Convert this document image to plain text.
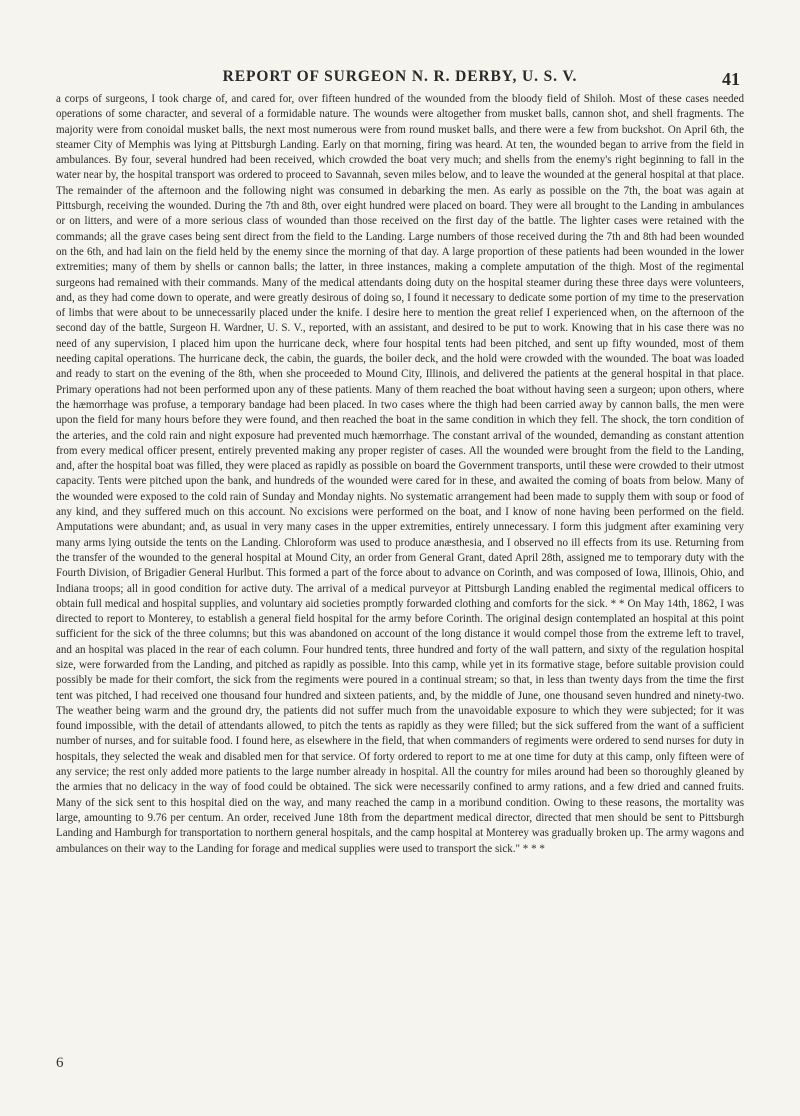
REPORT OF SURGEON N. R. DERBY, U. S. V.	41

a corps of surgeons, I took charge of, and cared for, over fifteen hundred of the wounded from the bloody field of Shiloh. Most of these cases needed operations of some character, and several of a formidable nature. The wounds were altogether from musket balls, cannon shot, and shell fragments. The majority were from conoidal musket balls, the next most numerous were from round musket balls, and there were a few from buckshot. On April 6th, the steamer City of Memphis was lying at Pittsburgh Landing. Early on that morning, firing was heard. At ten, the wounded began to arrive from the field in ambulances. By four, several hundred had been received, which crowded the boat very much; and shells from the enemy's right beginning to fall in the water near by, the hospital transport was ordered to proceed to Savannah, seven miles below, and to leave the wounded at the general hospital at that place. The remainder of the afternoon and the following night was consumed in debarking the men. As early as possible on the 7th, the boat was again at Pittsburgh, receiving the wounded. During the 7th and 8th, over eight hundred were placed on board. They were all brought to the Landing in ambulances or on litters, and were of a more serious class of wounded than those received on the first day of the battle. The lighter cases were retained with the commands; all the grave cases being sent direct from the field to the Landing. Large numbers of those received during the 7th and 8th had been wounded on the 6th, and had lain on the field held by the enemy since the morning of that day. A large proportion of these patients had been wounded in the lower extremities; many of them by shells or cannon balls; the latter, in three instances, making a complete amputation of the thigh. Most of the regimental surgeons had remained with their commands. Many of the medical attendants doing duty on the hospital steamer during these three days were volunteers, and, as they had come down to operate, and were greatly desirous of doing so, I found it necessary to dedicate some portion of my time to the preservation of limbs that were about to be unnecessarily placed under the knife. I desire here to mention the great relief I experienced when, on the afternoon of the second day of the battle, Surgeon H. Wardner, U. S. V., reported, with an assistant, and desired to be put to work. Knowing that in his case there was no need of any supervision, I placed him upon the hurricane deck, where four hospital tents had been pitched, and sent up fifty wounded, most of them needing capital operations. The hurricane deck, the cabin, the guards, the boiler deck, and the hold were crowded with the wounded. The boat was loaded and ready to start on the evening of the 8th, when she proceeded to Mound City, Illinois, and delivered the patients at the general hospital in that place. Primary operations had not been performed upon any of these patients. Many of them reached the boat without having seen a surgeon; upon others, where the hæmorrhage was profuse, a temporary bandage had been placed. In two cases where the thigh had been carried away by cannon balls, the men were upon the field for many hours before they were found, and then reached the boat in the same condition in which they fell. The shock, the torn condition of the arteries, and the cold rain and night exposure had prevented much hæmorrhage. The constant arrival of the wounded, demanding as constant attention from every medical officer present, entirely prevented making any proper register of cases. All the wounded were brought from the field to the Landing, and, after the hospital boat was filled, they were placed as rapidly as possible on board the Government transports, until these were crowded to their utmost capacity. Tents were pitched upon the bank, and hundreds of the wounded were cared for in these, and awaited the coming of boats from below. Many of the wounded were exposed to the cold rain of Sunday and Monday nights. No systematic arrangement had been made to supply them with soup or food of any kind, and they suffered much on this account. No excisions were performed on the boat, and I know of none having been performed on the field. Amputations were abundant; and, as usual in very many cases in the upper extremities, entirely unnecessary. I form this judgment after examining very many arms lying outside the tents on the Landing. Chloroform was used to produce anæsthesia, and I observed no ill effects from its use. Returning from the transfer of the wounded to the general hospital at Mound City, an order from General Grant, dated April 28th, assigned me to temporary duty with the Fourth Division, of Brigadier General Hurlbut. This formed a part of the force about to advance on Corinth, and was composed of Iowa, Illinois, Ohio, and Indiana troops; all in good condition for active duty. The arrival of a medical purveyor at Pittsburgh Landing enabled the regimental medical officers to obtain full medical and hospital supplies, and voluntary aid societies promptly forwarded clothing and comforts for the sick. * * On May 14th, 1862, I was directed to report to Monterey, to establish a general field hospital for the army before Corinth. The original design contemplated an hospital at this point sufficient for the sick of the three columns; but this was abandoned on account of the long distance it would compel those from the extreme left to travel, and an hospital was placed in the rear of each column. Four hundred tents, three hundred and forty of the wall pattern, and sixty of the regulation hospital size, were forwarded from the Landing, and pitched as rapidly as possible. Into this camp, while yet in its formative stage, before suitable provision could possibly be made for their comfort, the sick from the regiments were poured in a continual stream; so that, in less than twenty days from the time the first tent was pitched, I had received one thousand four hundred and sixteen patients, and, by the middle of June, one thousand seven hundred and ninety-two. The weather being warm and the ground dry, the patients did not suffer much from the unavoidable exposure to which they were subjected; for it was found impossible, with the detail of attendants allowed, to pitch the tents as rapidly as they were filled; but the sick suffered from the want of a sufficient number of nurses, and for suitable food. I found here, as elsewhere in the field, that when commanders of regiments were ordered to send nurses for duty in hospitals, they selected the weak and disabled men for that service. Of forty ordered to report to me at one time for duty at this camp, only fifteen were of any service; the rest only added more patients to the large number already in hospital. All the country for miles around had been so thoroughly gleaned by the armies that no delicacy in the way of food could be obtained. The sick were necessarily confined to army rations, and a few dried and canned fruits. Many of the sick sent to this hospital died on the way, and many reached the camp in a moribund condition. Owing to these reasons, the mortality was large, amounting to 9.76 per centum. An order, received June 18th from the department medical director, directed that men should be sent to Pittsburgh Landing and Hamburgh for transportation to northern general hospitals, and the camp hospital at Monterey was gradually broken up. The army wagons and ambulances on their way to the Landing for forage and medical supplies were used to transport the sick." * * *

6
